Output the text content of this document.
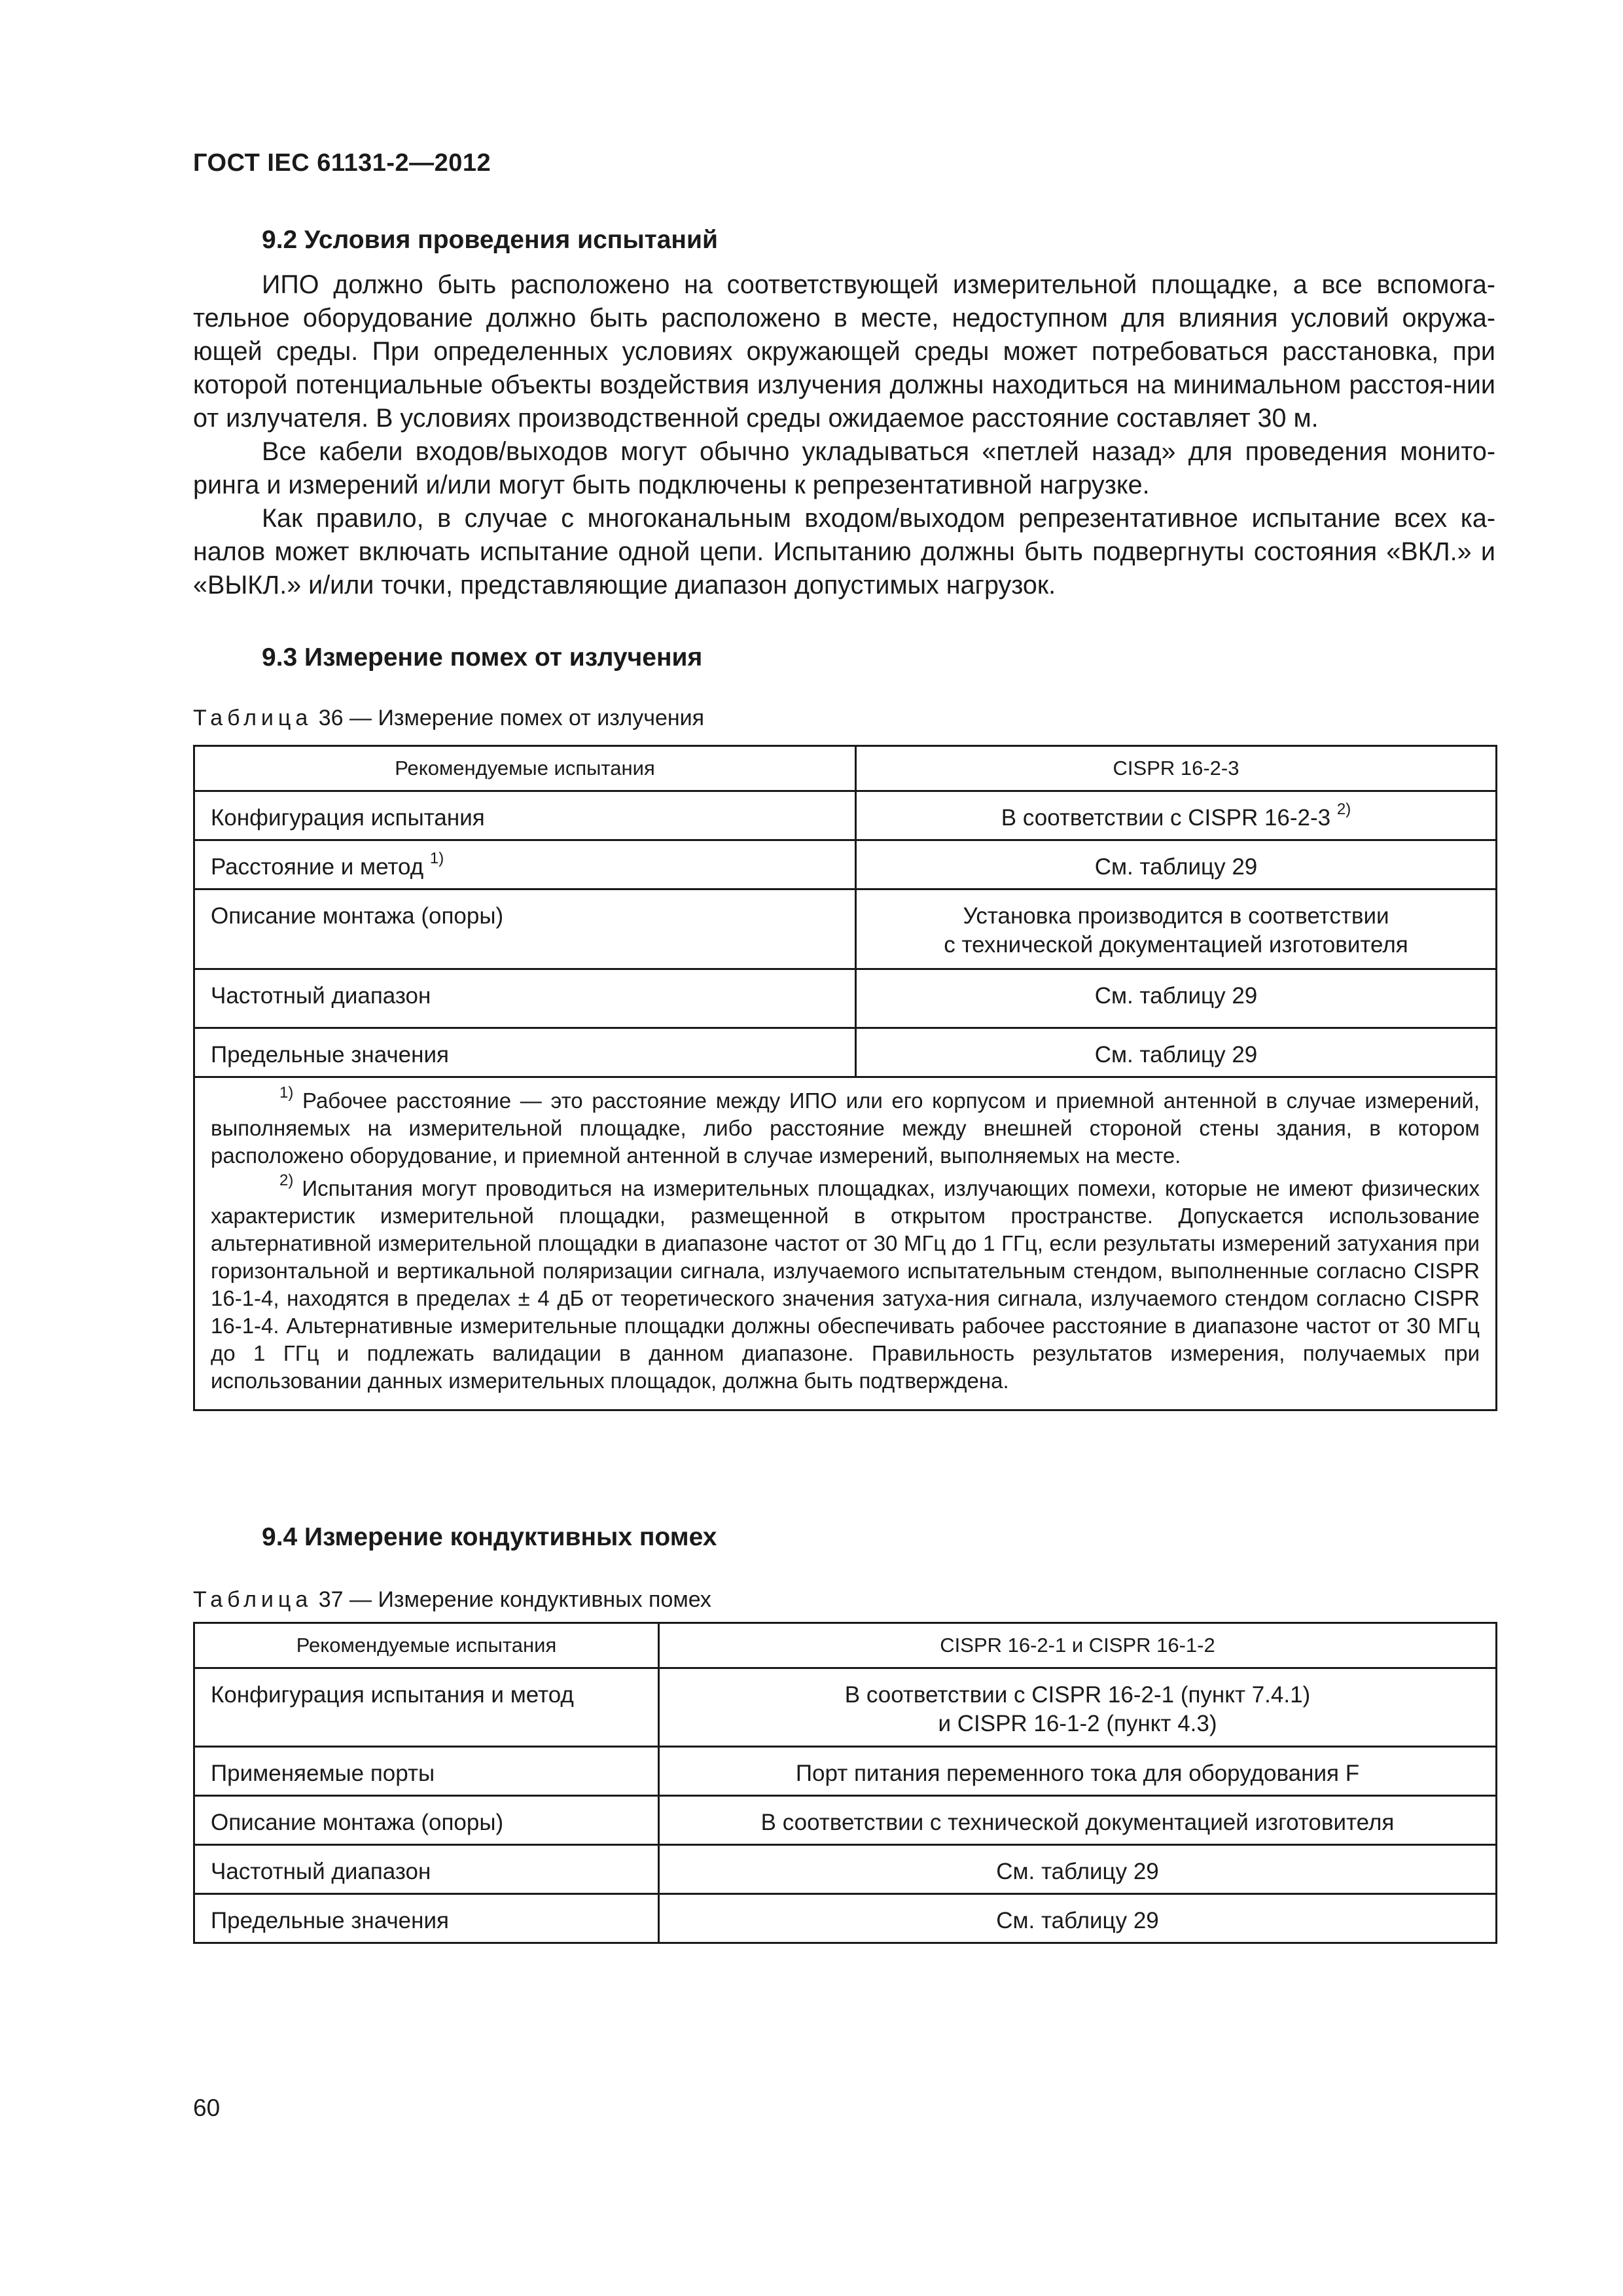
ГОСТ IEC 61131-2—2012
9.2 Условия проведения испытаний

ИПО должно быть расположено на соответствующей измерительной площадке, а все вспомога-тельное оборудование должно быть расположено в месте, недоступном для влияния условий окружа-ющей среды. При определенных условиях окружающей среды может потребоваться расстановка, при которой потенциальные объекты воздействия излучения должны находиться на минимальном расстоя-нии от излучателя. В условиях производственной среды ожидаемое расстояние составляет 30 м.

Все кабели входов/выходов могут обычно укладываться «петлей назад» для проведения монито-ринга и измерений и/или могут быть подключены к репрезентативной нагрузке.

Как правило, в случае с многоканальным входом/выходом репрезентативное испытание всех ка-налов может включать испытание одной цепи. Испытанию должны быть подвергнуты состояния «ВКЛ.» и «ВЫКЛ.» и/или точки, представляющие диапазон допустимых нагрузок.

9.3 Измерение помех от излучения
Таблица 36 — Измерение помех от излучения
Рекомендуемые испытания	CISPR 16-2-3
Конфигурация испытания	В соответствии с CISPR 16-2-3 $^{2)}$
Расстояние и метод $^{1)}$	См. таблицу 29
Описание монтажа (опоры)	Установка производится в соответствии
с технической документацией изготовителя
Частотный диапазон	См. таблицу 29
Предельные значения	См. таблицу 29

$^{1)}$ Рабочее расстояние — это расстояние между ИПО или его корпусом и приемной антенной в случае измерений, выполняемых на измерительной площадке, либо расстояние между внешней стороной стены здания, в котором расположено оборудование, и приемной антенной в случае измерений, выполняемых на месте.

$^{2)}$ Испытания могут проводиться на измерительных площадках, излучающих помехи, которые не имеют физических характеристик измерительной площадки, размещенной в открытом пространстве. Допускается использование альтернативной измерительной площадки в диапазоне частот от 30 МГц до 1 ГГц, если результаты измерений затухания при горизонтальной и вертикальной поляризации сигнала, излучаемого испытательным стендом, выполненные согласно CISPR 16-1-4, находятся в пределах ± 4 дБ от теоретического значения затуха-ния сигнала, излучаемого стендом согласно CISPR 16-1-4. Альтернативные измерительные площадки должны обеспечивать рабочее расстояние в диапазоне частот от 30 МГц до 1 ГГц и подлежать валидации в данном диапазоне. Правильность результатов измерения, получаемых при использовании данных измерительных площадок, должна быть подтверждена.	

9.4 Измерение кондуктивных помех
Таблица 37 — Измерение кондуктивных помех
Рекомендуемые испытания	CISPR 16-2-1 и CISPR 16-1-2
Конфигурация испытания и метод	В соответствии с CISPR 16-2-1 (пункт 7.4.1)
и CISPR 16-1-2 (пункт 4.3)
Применяемые порты	Порт питания переменного тока для оборудования F
Описание монтажа (опоры)	В соответствии с технической документацией изготовителя
Частотный диапазон	См. таблицу 29
Предельные значения	См. таблицу 29
60
